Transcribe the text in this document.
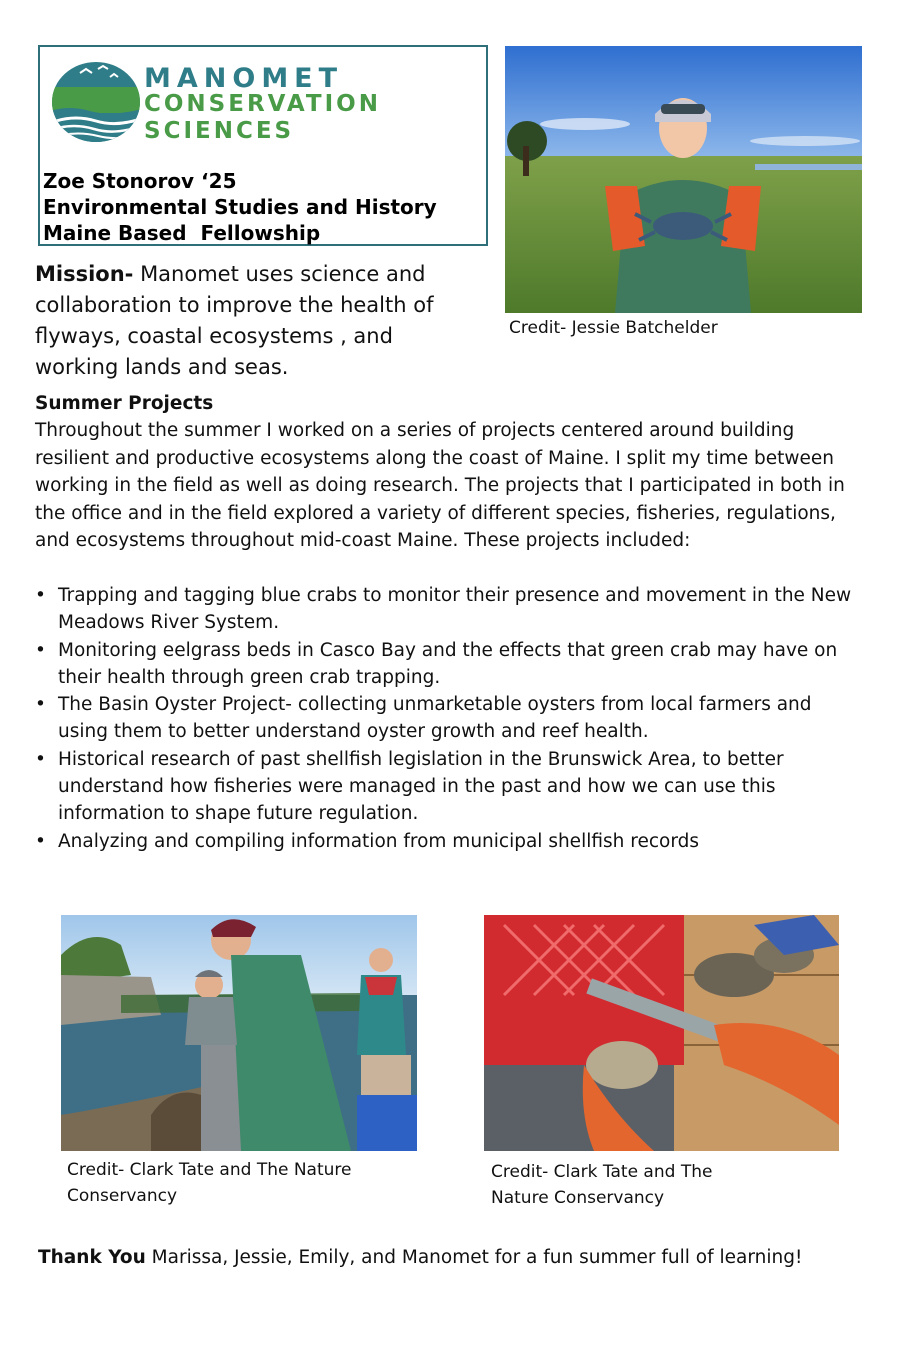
MANOMET
CONSERVATION
SCIENCES
Zoe Stonorov ‘25
Environmental Studies and History
Maine Based  Fellowship
Mission- Manomet uses science and collaboration to improve the health of flyways, coastal ecosystems , and working lands and seas.
Credit- Jessie Batchelder
Summer Projects

Throughout the summer I worked on a series of projects centered around building resilient and productive ecosystems along the coast of Maine. I split my time between working in the field as well as doing research. The projects that I participated in both in the office and in the field explored a variety of different species, fisheries, regulations, and ecosystems throughout mid-coast Maine. These projects included:

• Trapping and tagging blue crabs to monitor their presence and movement in the New Meadows River System.
• Monitoring eelgrass beds in Casco Bay and the effects that green crab may have on their health through green crab trapping.
• The Basin Oyster Project- collecting unmarketable oysters from local farmers and using them to better understand oyster growth and reef health.
• Historical research of past shellfish legislation in the Brunswick Area, to better understand how fisheries were managed in the past and how we can use this information to shape future regulation.
• Analyzing and compiling information from municipal shellfish records
Credit- Clark Tate and The Nature Conservancy
Credit- Clark Tate and The Nature Conservancy
Thank You Marissa, Jessie, Emily, and Manomet for a fun summer full of learning!
